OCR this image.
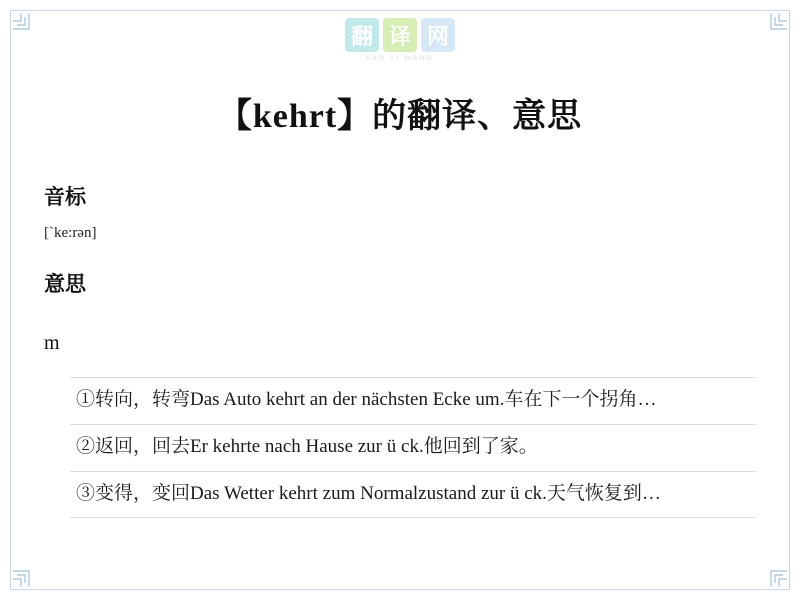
翻 译 网
FAN YI WANG
【kehrt】的翻译、意思
音标

[`ke:rən]

意思

m

1. ①转向，转弯Das Auto kehrt an der nächsten Ecke um.车在下一个拐角…
2. ②返回，回去Er kehrte nach Hause zur ü ck.他回到了家。
3. ③变得，变回Das Wetter kehrt zum Normalzustand zur ü ck.天气恢复到…
